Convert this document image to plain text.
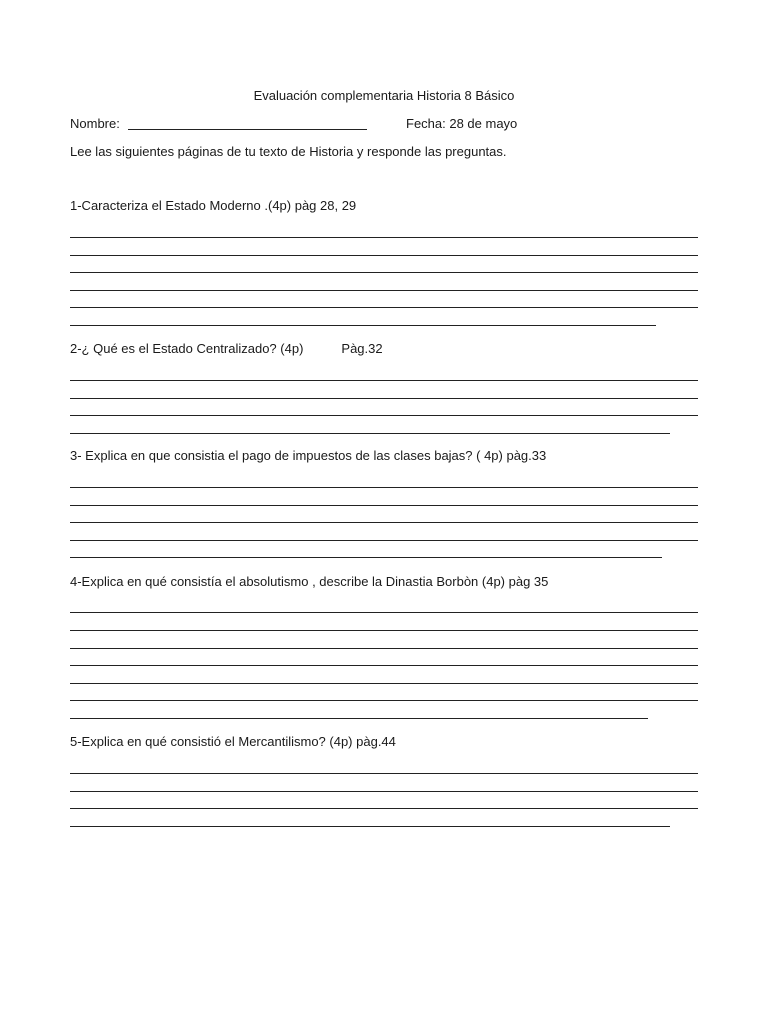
Evaluación complementaria Historia 8 Básico
Nombre:	Fecha: 28 de mayo
Lee las siguientes páginas de tu texto de Historia y responde las preguntas.
1-Caracteriza el Estado Moderno .(4p) pàg 28, 29
2-¿ Qué es el Estado Centralizado? (4p)	Pàg.32
3- Explica en que consistia el pago de impuestos de las clases bajas? ( 4p) pàg.33
4-Explica en qué consistía el absolutismo , describe la Dinastia Borbòn (4p) pàg 35
5-Explica en qué consistió el Mercantilismo? (4p) pàg.44
